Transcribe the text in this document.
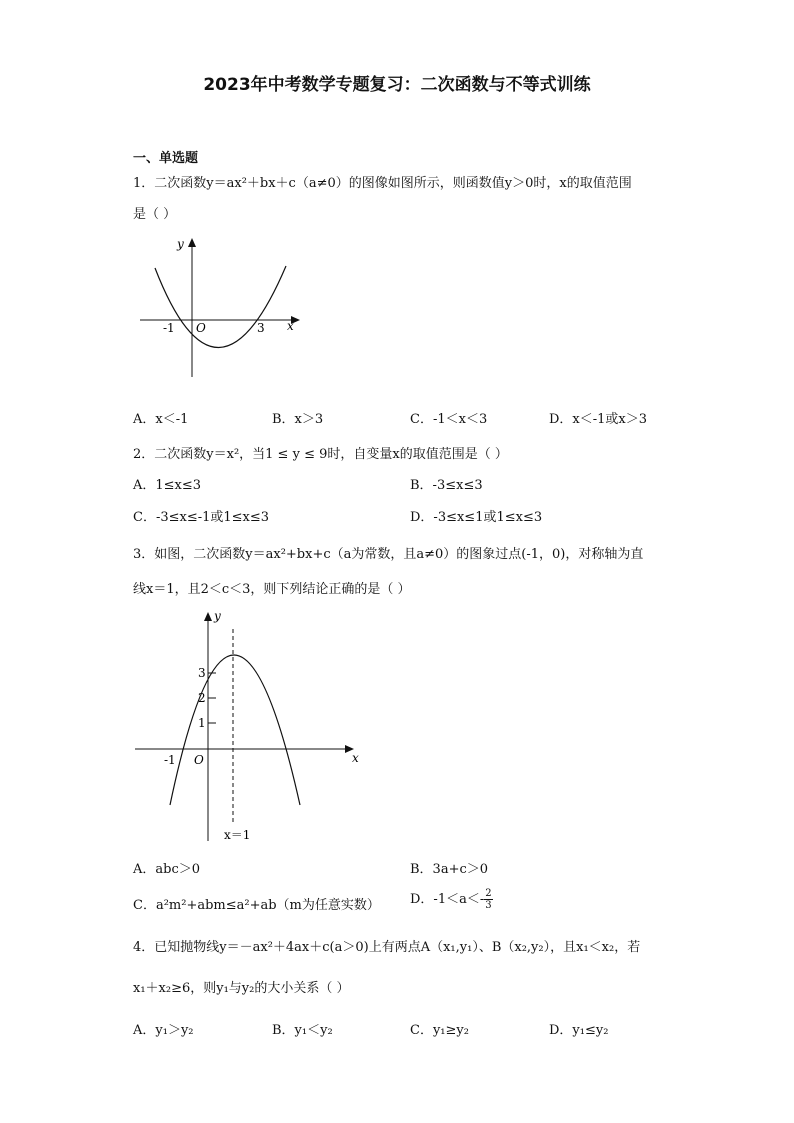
2023年中考数学专题复习：二次函数与不等式训练
一、单选题
1．二次函数y＝ax²＋bx＋c（a≠0）的图像如图所示，则函数值y＞0时，x的取值范围
是（ ）
y
x
O
-1	3
A．x＜-1	B．x＞3	C．-1＜x＜3	D．x＜-1或x＞3
2．二次函数y＝x²，当1 ≤ y ≤ 9时，自变量x的取值范围是（ ）
A．1≤x≤3	B．-3≤x≤3
C．-3≤x≤-1或1≤x≤3	D．-3≤x≤1或1≤x≤3
3．如图，二次函数y＝ax²+bx+c（a为常数，且a≠0）的图象过点(-1，0)，对称轴为直
线x＝1，且2＜c＜3，则下列结论正确的是（ ）
y
x
O
-1
1
2
3
x＝1
A．abc＞0	B．3a+c＞0
C．a²m²+abm≤a²+ab（m为任意实数） D．$-1<a<- \frac{2}{3}$
4．已知抛物线y＝－ax²＋4ax＋c(a＞0)上有两点A（x₁,y₁）、B（x₂,y₂），且x₁＜x₂，若
x₁＋x₂≥6，则y₁与y₂的大小关系（ ）
A．y₁＞y₂	B．y₁＜y₂	C．y₁≥y₂	D．y₁≤y₂
